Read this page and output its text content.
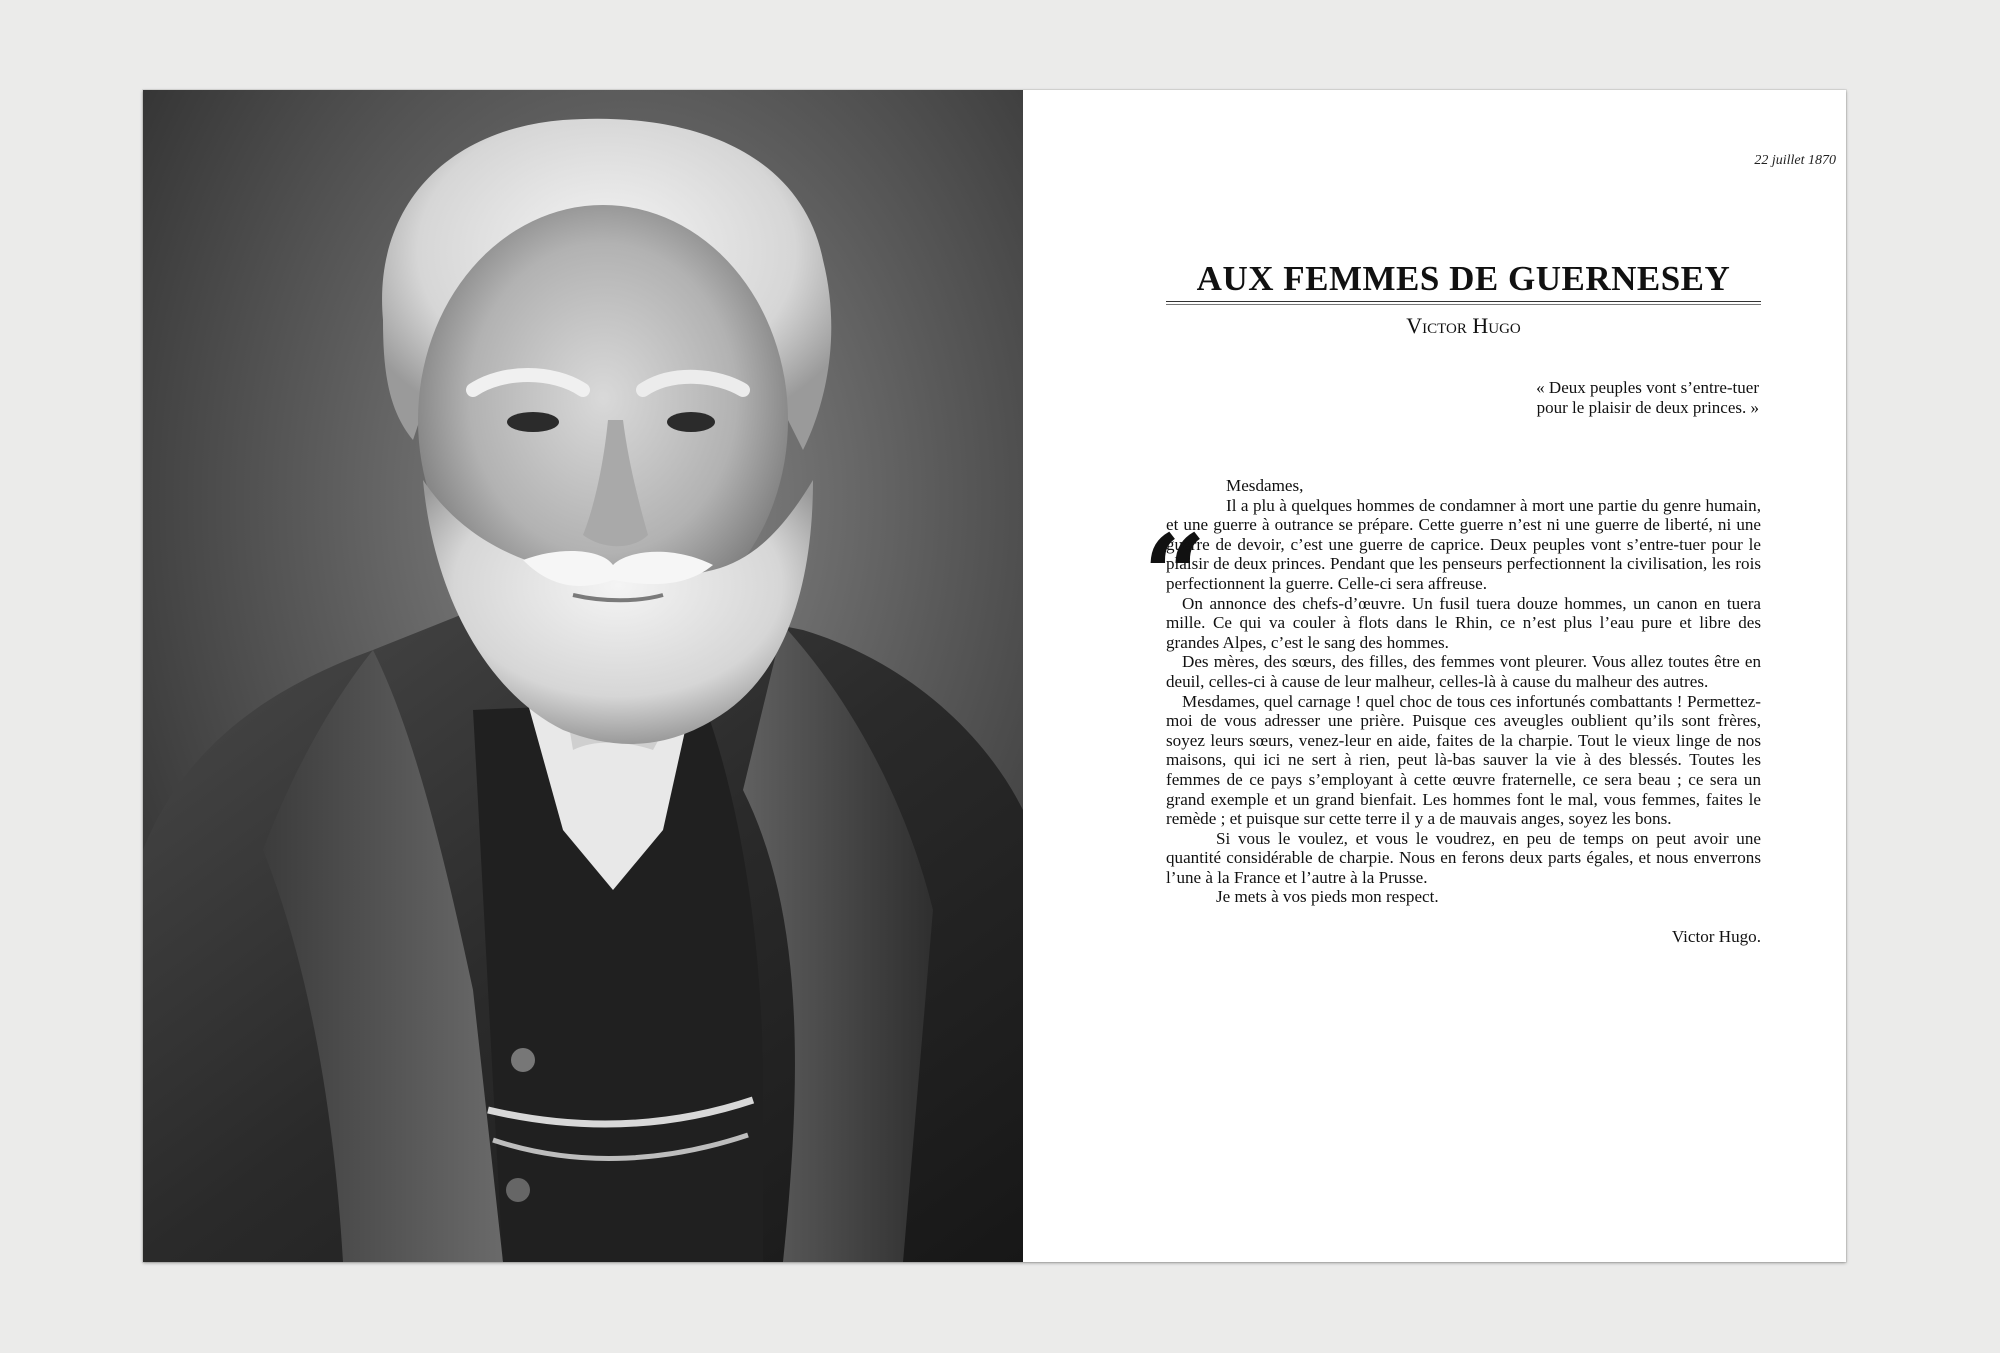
22 juillet 1870
AUX FEMMES DE GUERNESEY
Victor Hugo
« Deux peuples vont s’entre-tuer
pour le plaisir de deux princes. »
“

Mesdames,

Il a plu à quelques hommes de condamner à mort une partie du genre humain, et une guerre à outrance se prépare. Cette guerre n’est ni une guerre de liberté, ni une guerre de devoir, c’est une guerre de caprice. Deux peuples vont s’entre-tuer pour le plaisir de deux princes. Pendant que les penseurs perfectionnent la civilisation, les rois perfectionnent la guerre. Celle-ci sera affreuse.

On annonce des chefs-d’œuvre. Un fusil tuera douze hommes, un canon en tuera mille. Ce qui va couler à flots dans le Rhin, ce n’est plus l’eau pure et libre des grandes Alpes, c’est le sang des hommes.

Des mères, des sœurs, des filles, des femmes vont pleurer. Vous allez toutes être en deuil, celles-ci à cause de leur malheur, celles-là à cause du malheur des autres.

Mesdames, quel carnage ! quel choc de tous ces infortunés combattants ! Permettez-moi de vous adresser une prière. Puisque ces aveugles oublient qu’ils sont frères, soyez leurs sœurs, venez-leur en aide, faites de la charpie. Tout le vieux linge de nos maisons, qui ici ne sert à rien, peut là-bas sauver la vie à des blessés. Toutes les femmes de ce pays s’employant à cette œuvre fraternelle, ce sera beau ; ce sera un grand exemple et un grand bienfait. Les hommes font le mal, vous femmes, faites le remède ; et puisque sur cette terre il y a de mauvais anges, soyez les bons.

Si vous le voulez, et vous le voudrez, en peu de temps on peut avoir une quantité considérable de charpie. Nous en ferons deux parts égales, et nous enverrons l’une à la France et l’autre à la Prusse.

Je mets à vos pieds mon respect.

Victor Hugo.
